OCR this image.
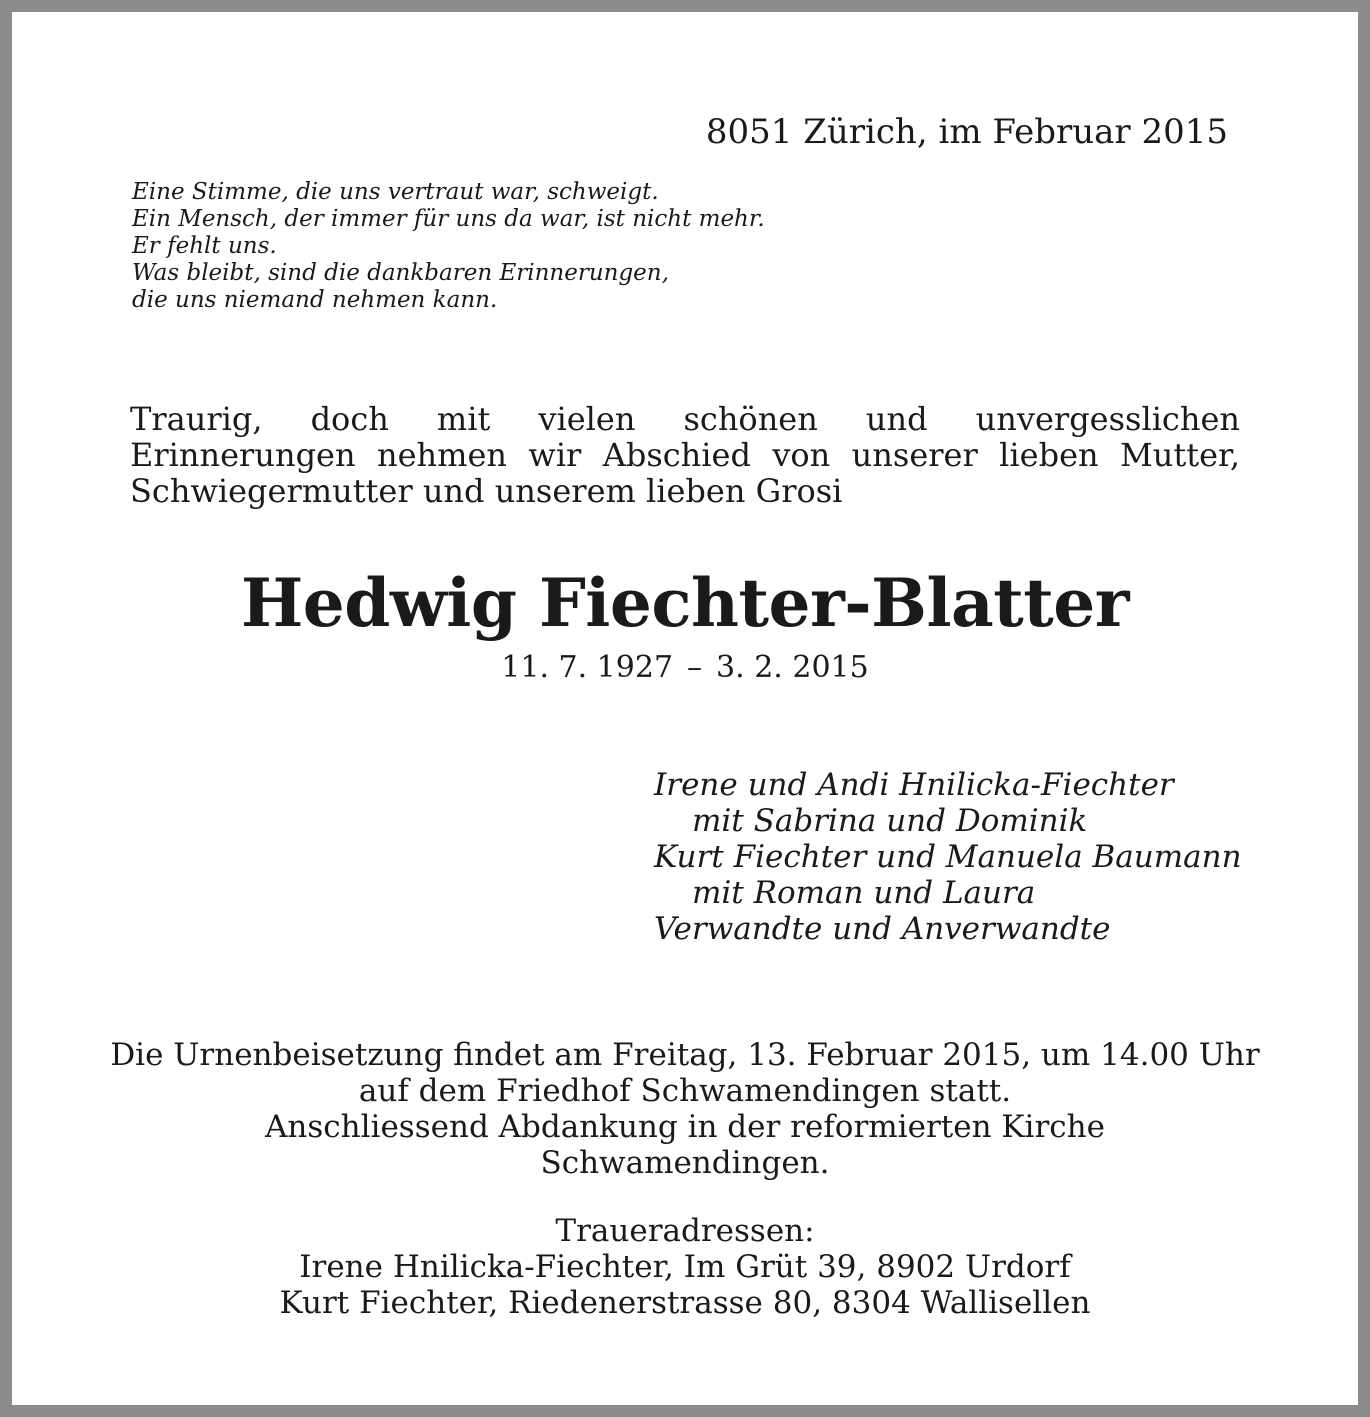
8051 Zürich, im Februar 2015
Eine Stimme, die uns vertraut war, schweigt.
Ein Mensch, der immer für uns da war, ist nicht mehr.
Er fehlt uns.
Was bleibt, sind die dankbaren Erinnerungen,
die uns niemand nehmen kann.
Traurig, doch mit vielen schönen und unvergesslichen Erinnerungen nehmen wir Abschied von unserer lieben Mutter, Schwiegermutter und unserem lieben Grosi
Hedwig Fiechter-Blatter
11. 7. 1927 – 3. 2. 2015
Irene und Andi Hnilicka-Fiechter
mit Sabrina und Dominik
Kurt Fiechter und Manuela Baumann
mit Roman und Laura
Verwandte und Anverwandte
Die Urnenbeisetzung findet am Freitag, 13. Februar 2015, um 14.00 Uhr
auf dem Friedhof Schwamendingen statt.
Anschliessend Abdankung in der reformierten Kirche
Schwamendingen.
Traueradressen:
Irene Hnilicka-Fiechter, Im Grüt 39, 8902 Urdorf
Kurt Fiechter, Riedenerstrasse 80, 8304 Wallisellen
